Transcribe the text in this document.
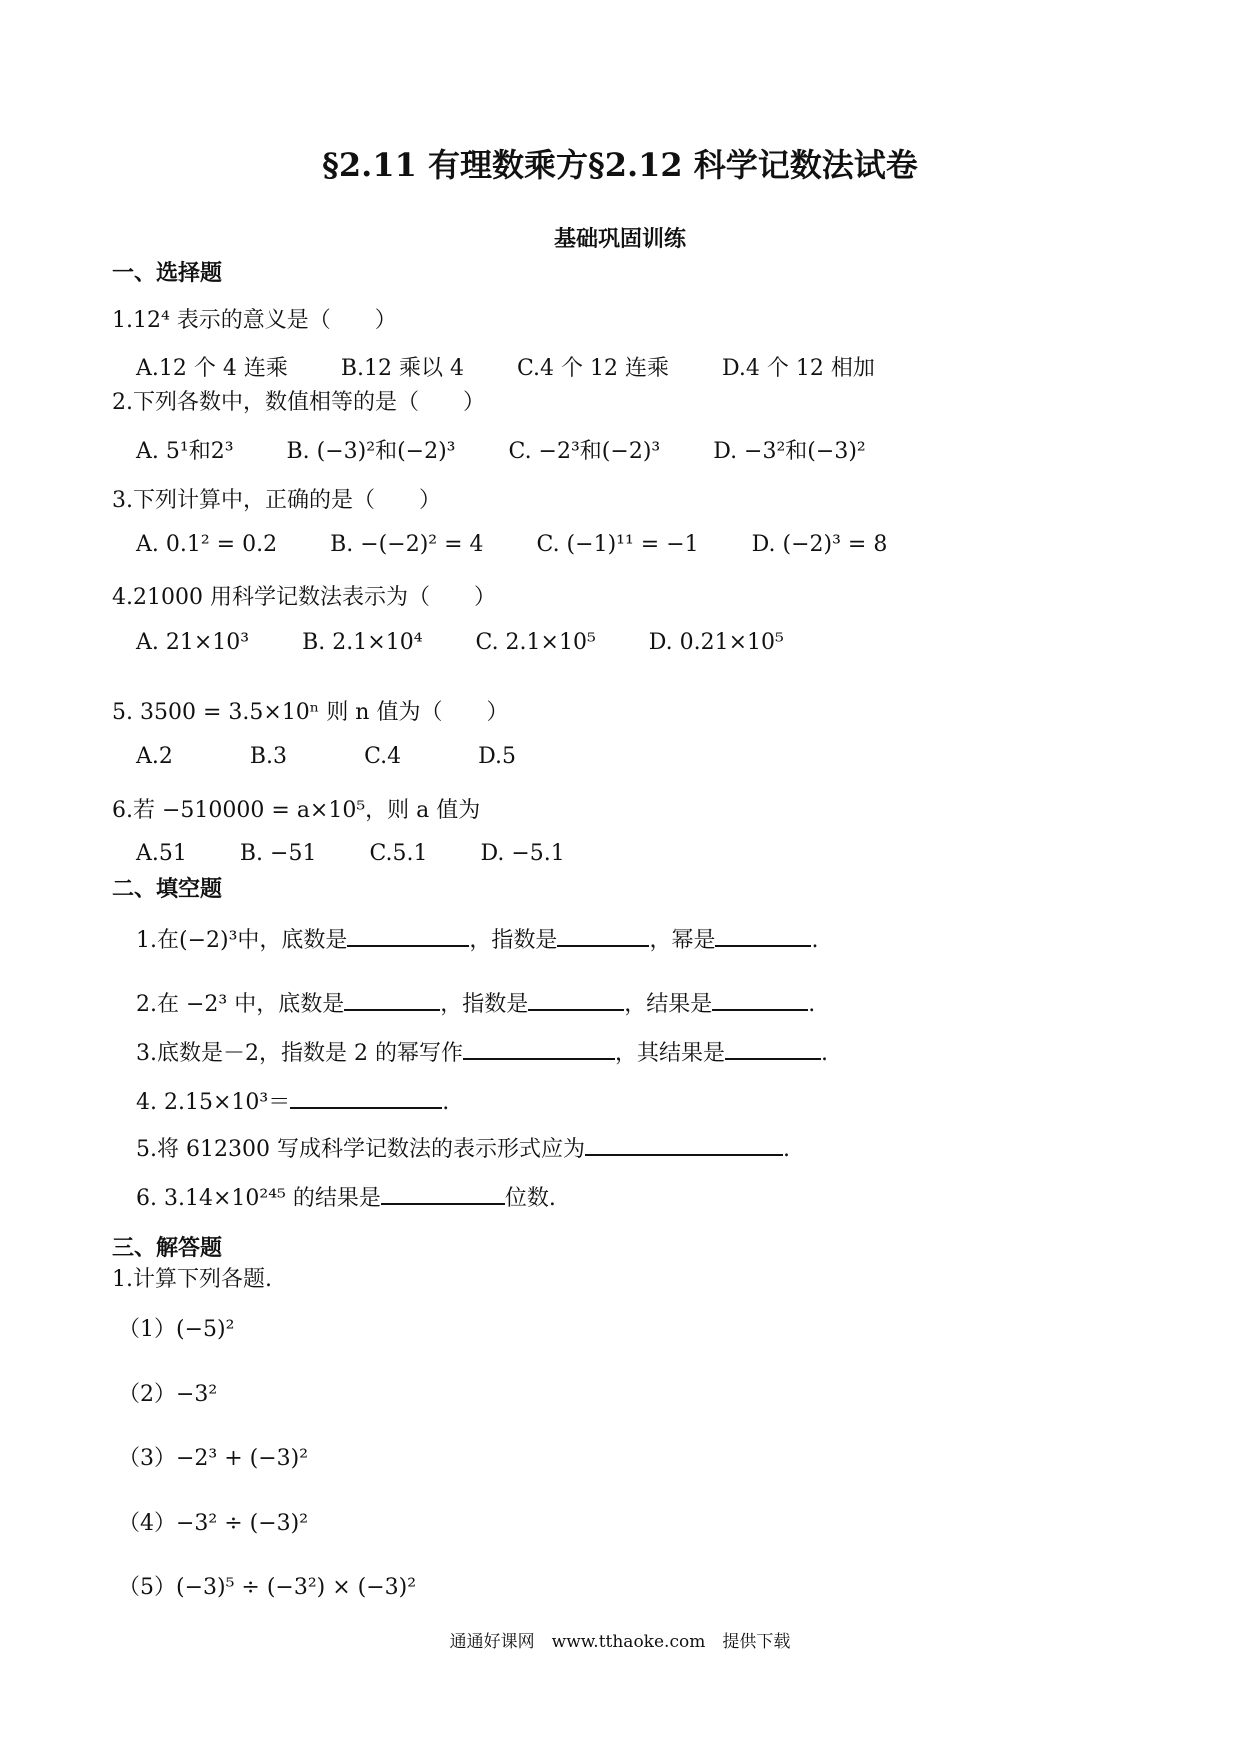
§2.11 有理数乘方§2.12 科学记数法试卷
基础巩固训练
一、选择题
1.12⁴ 表示的意义是（　　）
A.12 个 4 连乘 B.12 乘以 4 C.4 个 12 连乘 D.4 个 12 相加
2.下列各数中，数值相等的是（　　）
A. 5¹和2³ B. (−3)²和(−2)³ C. −2³和(−2)³ D. −3²和(−3)²
3.下列计算中，正确的是（　　）
A. 0.1² = 0.2 B. −(−2)² = 4 C. (−1)¹¹ = −1 D. (−2)³ = 8
4.21000 用科学记数法表示为（　　）
A. 21×10³ B. 2.1×10⁴ C. 2.1×10⁵ D. 0.21×10⁵
5. 3500 = 3.5×10ⁿ 则 n 值为（　　）
A.2	B.3	C.4	D.5
6.若 −510000 = a×10⁵，则 a 值为
A.51 B. −51 C.5.1 D. −5.1
二、填空题
1.在(−2)³中，底数是	，指数是	，幂是	.
2.在 −2³ 中，底数是	，指数是	，结果是	.
3.底数是－2，指数是 2 的幂写作	，其结果是	.
4. 2.15×10³＝	.
5.将 612300 写成科学记数法的表示形式应为	.
6. 3.14×10²⁴⁵ 的结果是	位数.
三、解答题
1.计算下列各题.
（1）(−5)²
（2）−3²
（3）−2³ + (−3)²
（4）−3² ÷ (−3)²
（5）(−3)⁵ ÷ (−3²) × (−3)²
通通好课网　www.tthaoke.com　提供下载
